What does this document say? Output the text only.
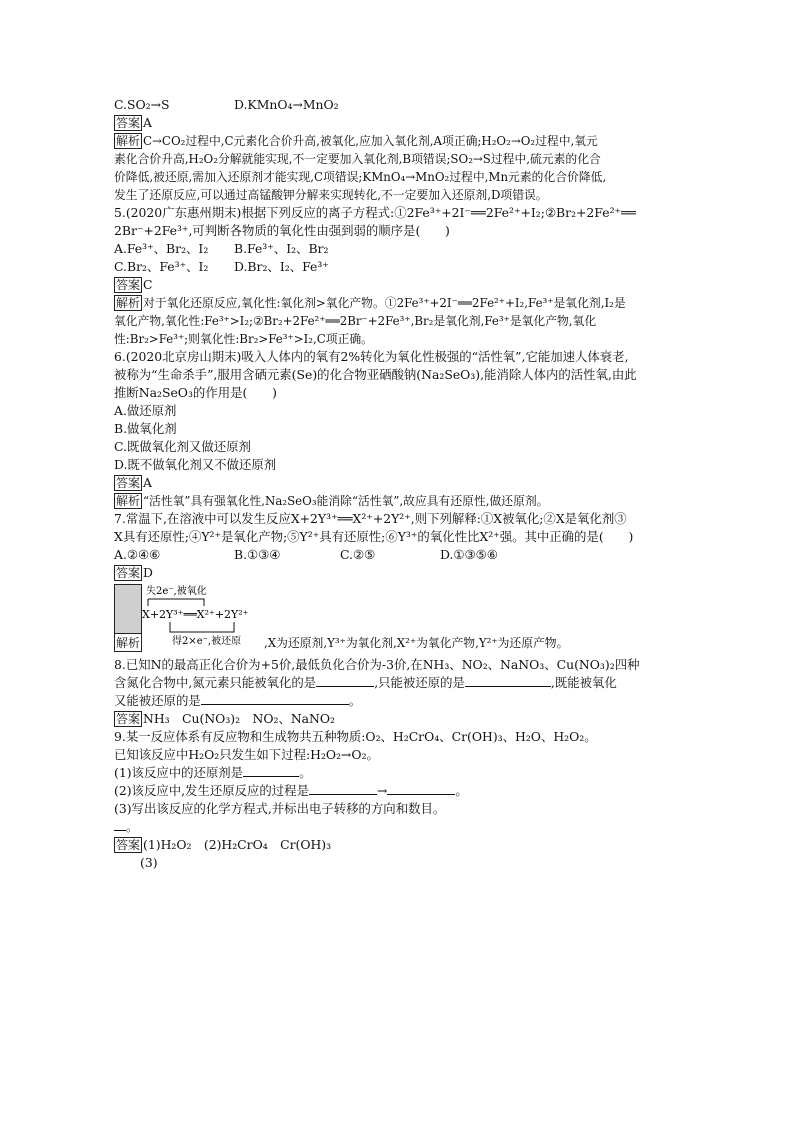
C.SO₂→S	D.KMnO₄→MnO₂
答案 A
解析 C→CO₂过程中,C元素化合价升高,被氧化,应加入氧化剂,A项正确;H₂O₂→O₂过程中,氧元
素化合价升高,H₂O₂分解就能实现,不一定要加入氧化剂,B项错误;SO₂→S过程中,硫元素的化合
价降低,被还原,需加入还原剂才能实现,C项错误;KMnO₄→MnO₂过程中,Mn元素的化合价降低,
发生了还原反应,可以通过高锰酸钾分解来实现转化,不一定要加入还原剂,D项错误。
5.(2020广东惠州期末)根据下列反应的离子方程式:①2Fe³⁺+2I⁻══2Fe²⁺+I₂;②Br₂+2Fe²⁺══
2Br⁻+2Fe³⁺,可判断各物质的氧化性由强到弱的顺序是(　　)
A.Fe³⁺、Br₂、I₂ B.Fe³⁺、I₂、Br₂
C.Br₂、Fe³⁺、I₂ D.Br₂、I₂、Fe³⁺
答案 C
解析 对于氧化还原反应,氧化性:氧化剂>氧化产物。①2Fe³⁺+2I⁻══2Fe²⁺+I₂,Fe³⁺是氧化剂,I₂是
氧化产物,氧化性:Fe³⁺>I₂;②Br₂+2Fe²⁺══2Br⁻+2Fe³⁺,Br₂是氧化剂,Fe³⁺是氧化产物,氧化
性:Br₂>Fe³⁺;则氧化性:Br₂>Fe³⁺>I₂,C项正确。
6.(2020北京房山期末)吸入人体内的氧有2%转化为氧化性极强的“活性氧”,它能加速人体衰老,
被称为“生命杀手”,服用含硒元素(Se)的化合物亚硒酸钠(Na₂SeO₃),能消除人体内的活性氧,由此
推断Na₂SeO₃的作用是(　　)
A.做还原剂
B.做氧化剂
C.既做氧化剂又做还原剂
D.既不做氧化剂又不做还原剂
答案 A
解析 “活性氧”具有强氧化性,Na₂SeO₃能消除“活性氧”,故应具有还原性,做还原剂。
7.常温下,在溶液中可以发生反应X+2Y³⁺══X²⁺+2Y²⁺,则下列解释:①X被氧化;②X是氧化剂③
X具有还原性;④Y²⁺是氧化产物;⑤Y²⁺具有还原性;⑥Y³⁺的氧化性比X²⁺强。其中正确的是(　　)
A.②④⑥	B.①③④	C.②⑤	D.①③⑤⑥
答案 D
解析
失2e⁻,被氧化
X+2Y³⁺══X²⁺+2Y²⁺
得2×e⁻,被还原 ,X为还原剂,Y³⁺为氧化剂,X²⁺为氧化产物,Y²⁺为还原产物。
8.已知N的最高正化合价为+5价,最低负化合价为-3价,在NH₃、NO₂、NaNO₃、Cu(NO₃)₂四种
含氮化合物中,氮元素只能被氧化的是	,只能被还原的是	,既能被氧化
又能被还原的是	。
答案 NH₃　Cu(NO₃)₂　NO₂、NaNO₂
9.某一反应体系有反应物和生成物共五种物质:O₂、H₂CrO₄、Cr(OH)₃、H₂O、H₂O₂。
已知该反应中H₂O₂只发生如下过程:H₂O₂→O₂。
(1)该反应中的还原剂是	。
(2)该反应中,发生还原反应的过程是	→	。
(3)写出该反应的化学方程式,并标出电子转移的方向和数目。
。
答案 (1)H₂O₂　(2)H₂CrO₄　Cr(OH)₃
(3)
